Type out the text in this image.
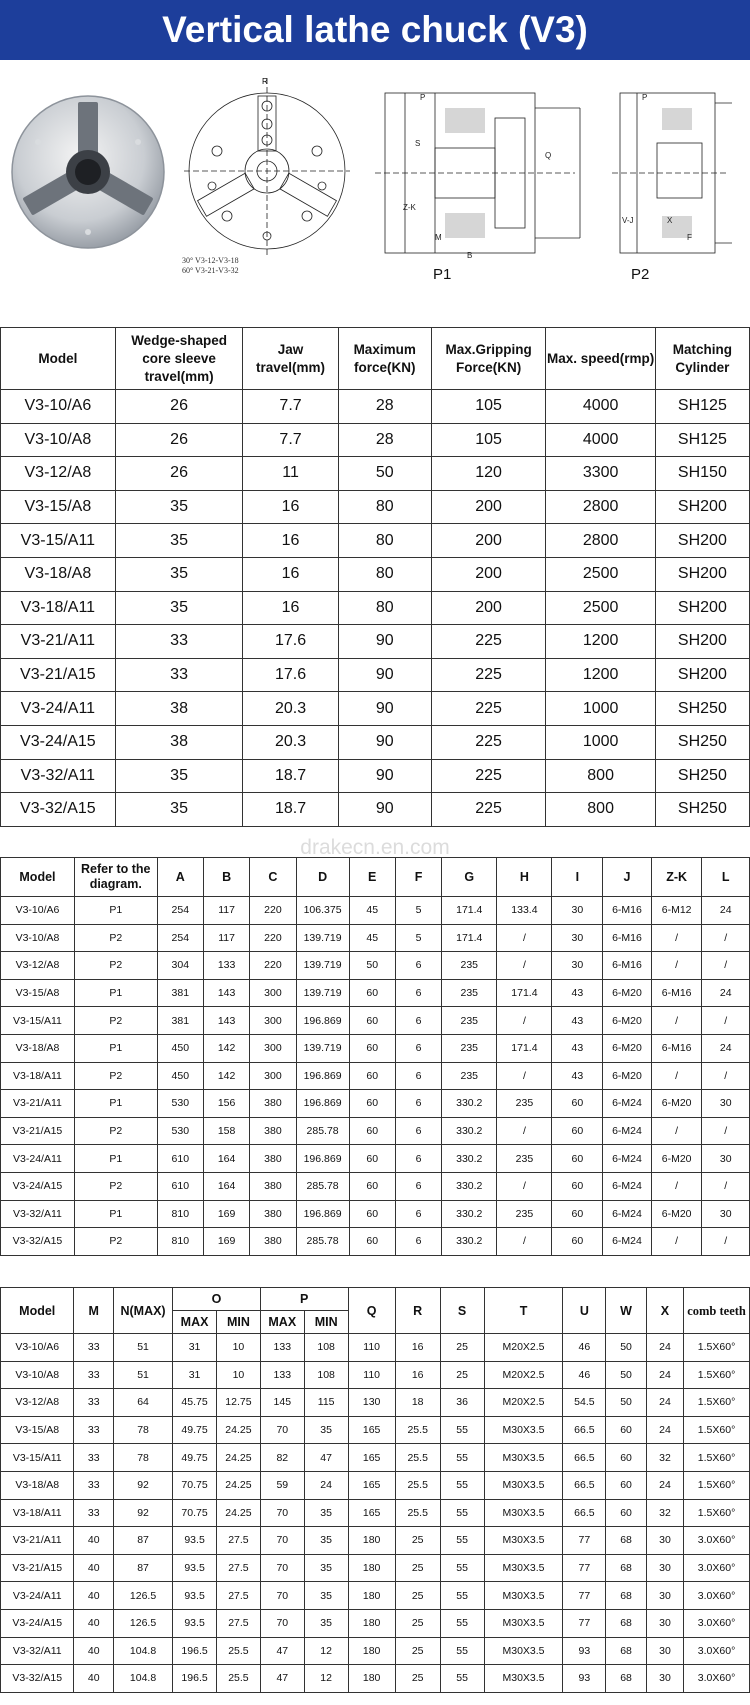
Vertical lathe chuck (V3)
R
30° V3-12-V3-18
60° V3-21-V3-32
P
S
Z-K
M
B
Q
P1
P
V-J	X
F
P2
Model	Wedge-shaped core sleeve travel(mm)	Jaw travel(mm)	Maximum force(KN)	Max.Gripping Force(KN)	Max. speed(rmp)	Matching Cylinder
V3-10/A6	26	7.7	28	105	4000	SH125
V3-10/A8	26	7.7	28	105	4000	SH125
V3-12/A8	26	11	50	120	3300	SH150
V3-15/A8	35	16	80	200	2800	SH200
V3-15/A11	35	16	80	200	2800	SH200
V3-18/A8	35	16	80	200	2500	SH200
V3-18/A11	35	16	80	200	2500	SH200
V3-21/A11	33	17.6	90	225	1200	SH200
V3-21/A15	33	17.6	90	225	1200	SH200
V3-24/A11	38	20.3	90	225	1000	SH250
V3-24/A15	38	20.3	90	225	1000	SH250
V3-32/A11	35	18.7	90	225	800	SH250
V3-32/A15	35	18.7	90	225	800	SH250
drakecn.en.com
Model	Refer to the diagram.	A	B	C	D	E	F	G	H	I	J	Z-K	L
V3-10/A6	P1	254	117	220	106.375	45	5	171.4	133.4	30	6-M16	6-M12	24
V3-10/A8	P2	254	117	220	139.719	45	5	171.4	/	30	6-M16	/	/
V3-12/A8	P2	304	133	220	139.719	50	6	235	/	30	6-M16	/	/
V3-15/A8	P1	381	143	300	139.719	60	6	235	171.4	43	6-M20	6-M16	24
V3-15/A11	P2	381	143	300	196.869	60	6	235	/	43	6-M20	/	/
V3-18/A8	P1	450	142	300	139.719	60	6	235	171.4	43	6-M20	6-M16	24
V3-18/A11	P2	450	142	300	196.869	60	6	235	/	43	6-M20	/	/
V3-21/A11	P1	530	156	380	196.869	60	6	330.2	235	60	6-M24	6-M20	30
V3-21/A15	P2	530	158	380	285.78	60	6	330.2	/	60	6-M24	/	/
V3-24/A11	P1	610	164	380	196.869	60	6	330.2	235	60	6-M24	6-M20	30
V3-24/A15	P2	610	164	380	285.78	60	6	330.2	/	60	6-M24	/	/
V3-32/A11	P1	810	169	380	196.869	60	6	330.2	235	60	6-M24	6-M20	30
V3-32/A15	P2	810	169	380	285.78	60	6	330.2	/	60	6-M24	/	/
Model	M	N(MAX)	O		P		Q	R	S	T	U	W	X	comb teeth
			MAX	MIN	MAX	MIN								
V3-10/A6	33	51	31	10	133	108	110	16	25	M20X2.5	46	50	24	1.5X60°
V3-10/A8	33	51	31	10	133	108	110	16	25	M20X2.5	46	50	24	1.5X60°
V3-12/A8	33	64	45.75	12.75	145	115	130	18	36	M20X2.5	54.5	50	24	1.5X60°
V3-15/A8	33	78	49.75	24.25	70	35	165	25.5	55	M30X3.5	66.5	60	24	1.5X60°
V3-15/A11	33	78	49.75	24.25	82	47	165	25.5	55	M30X3.5	66.5	60	32	1.5X60°
V3-18/A8	33	92	70.75	24.25	59	24	165	25.5	55	M30X3.5	66.5	60	24	1.5X60°
V3-18/A11	33	92	70.75	24.25	70	35	165	25.5	55	M30X3.5	66.5	60	32	1.5X60°
V3-21/A11	40	87	93.5	27.5	70	35	180	25	55	M30X3.5	77	68	30	3.0X60°
V3-21/A15	40	87	93.5	27.5	70	35	180	25	55	M30X3.5	77	68	30	3.0X60°
V3-24/A11	40	126.5	93.5	27.5	70	35	180	25	55	M30X3.5	77	68	30	3.0X60°
V3-24/A15	40	126.5	93.5	27.5	70	35	180	25	55	M30X3.5	77	68	30	3.0X60°
V3-32/A11	40	104.8	196.5	25.5	47	12	180	25	55	M30X3.5	93	68	30	3.0X60°
V3-32/A15	40	104.8	196.5	25.5	47	12	180	25	55	M30X3.5	93	68	30	3.0X60°
